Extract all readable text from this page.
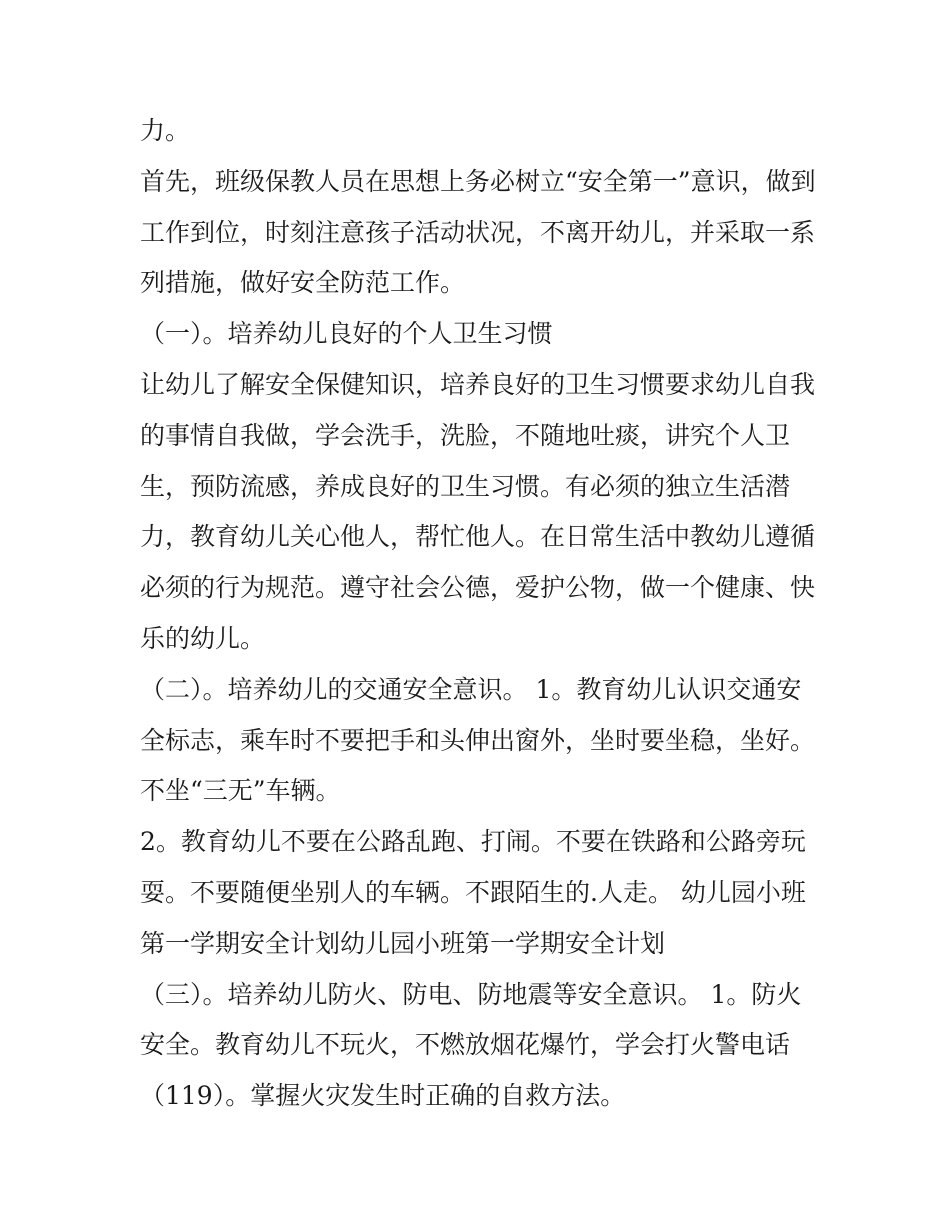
力。
首先，班级保教人员在思想上务必树立“安全第一”意识，做到
工作到位，时刻注意孩子活动状况，不离开幼儿，并采取一系
列措施，做好安全防范工作。
（一）。培养幼儿良好的个人卫生习惯
让幼儿了解安全保健知识，培养良好的卫生习惯要求幼儿自我
的事情自我做，学会洗手，洗脸，不随地吐痰，讲究个人卫
生，预防流感，养成良好的卫生习惯。有必须的独立生活潜
力，教育幼儿关心他人，帮忙他人。在日常生活中教幼儿遵循
必须的行为规范。遵守社会公德，爱护公物，做一个健康、快
乐的幼儿。
（二）。培养幼儿的交通安全意识。 1。教育幼儿认识交通安
全标志，乘车时不要把手和头伸出窗外，坐时要坐稳，坐好。
不坐“三无”车辆。
2。教育幼儿不要在公路乱跑、打闹。不要在铁路和公路旁玩
耍。不要随便坐别人的车辆。不跟陌生的.人走。 幼儿园小班
第一学期安全计划幼儿园小班第一学期安全计划
（三）。培养幼儿防火、防电、防地震等安全意识。 1。防火
安全。教育幼儿不玩火，不燃放烟花爆竹，学会打火警电话
（119）。掌握火灾发生时正确的自救方法。
